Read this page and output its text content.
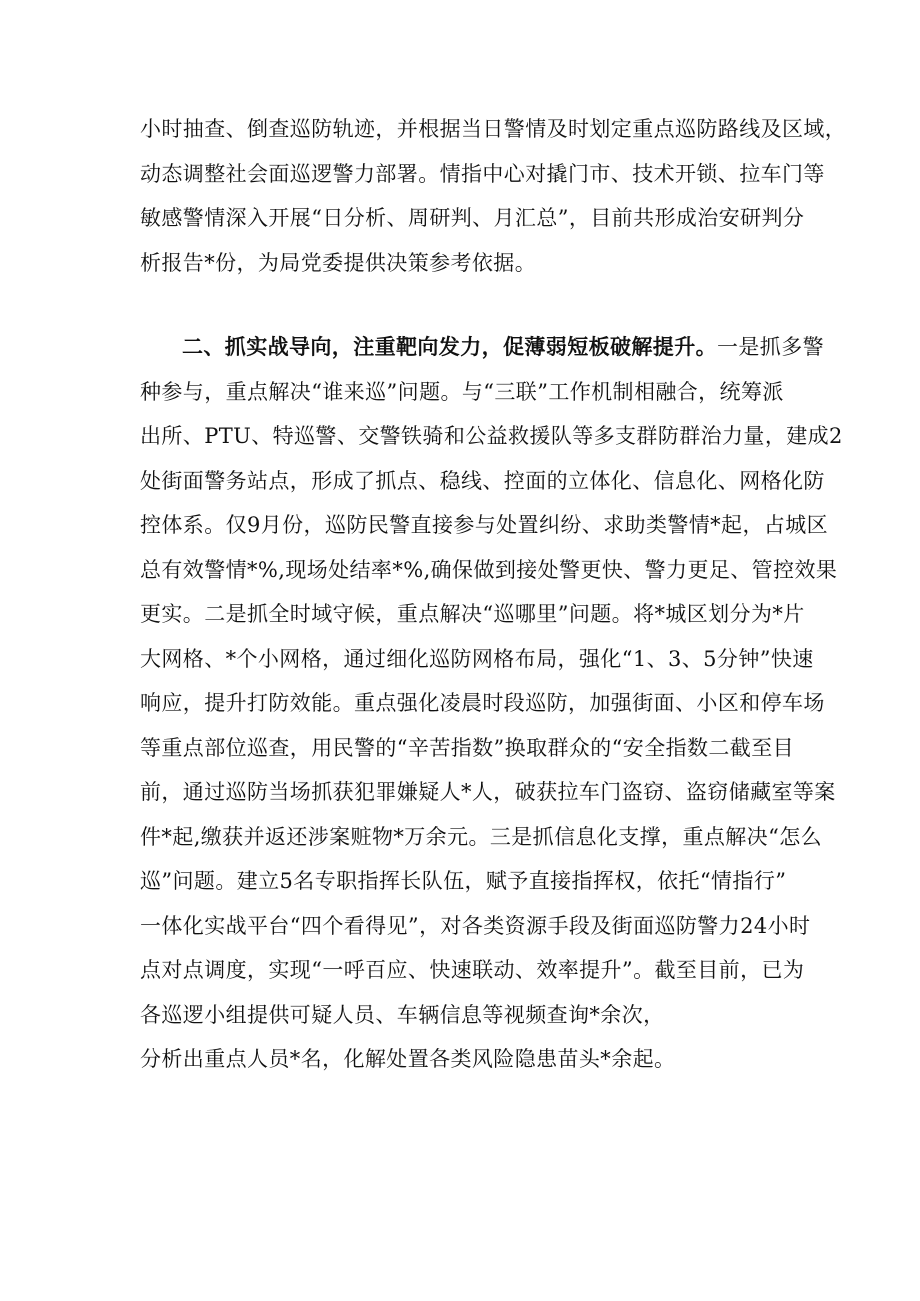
小时抽查、倒查巡防轨迹，并根据当日警情及时划定重点巡防路线及区域，

动态调整社会面巡逻警力部署。情指中心对撬门市、技术开锁、拉车门等

敏感警情深入开展“日分析、周研判、月汇总”，目前共形成治安研判分

析报告*份，为局党委提供决策参考依据。

二、抓实战导向，注重靶向发力，促薄弱短板破解提升。一是抓多警

种参与，重点解决“谁来巡”问题。与“三联”工作机制相融合，统筹派

出所、PTU、特巡警、交警铁骑和公益救援队等多支群防群治力量，建成2

处街面警务站点，形成了抓点、稳线、控面的立体化、信息化、网格化防

控体系。仅9月份，巡防民警直接参与处置纠纷、求助类警情*起，占城区

总有效警情*%,现场处结率*%,确保做到接处警更快、警力更足、管控效果

更实。二是抓全时域守候，重点解决“巡哪里”问题。将*城区划分为*片

大网格、*个小网格，通过细化巡防网格布局，强化“1、3、5分钟”快速

响应，提升打防效能。重点强化凌晨时段巡防，加强街面、小区和停车场

等重点部位巡查，用民警的“辛苦指数”换取群众的“安全指数二截至目

前，通过巡防当场抓获犯罪嫌疑人*人，破获拉车门盗窃、盗窃储藏室等案

件*起,缴获并返还涉案赃物*万余元。三是抓信息化支撑，重点解决“怎么

巡”问题。建立5名专职指挥长队伍，赋予直接指挥权，依托“情指行”

一体化实战平台“四个看得见”，对各类资源手段及街面巡防警力24小时

点对点调度，实现“一呼百应、快速联动、效率提升”。截至目前，已为

各巡逻小组提供可疑人员、车辆信息等视频查询*余次，

分析出重点人员*名，化解处置各类风险隐患苗头*余起。
